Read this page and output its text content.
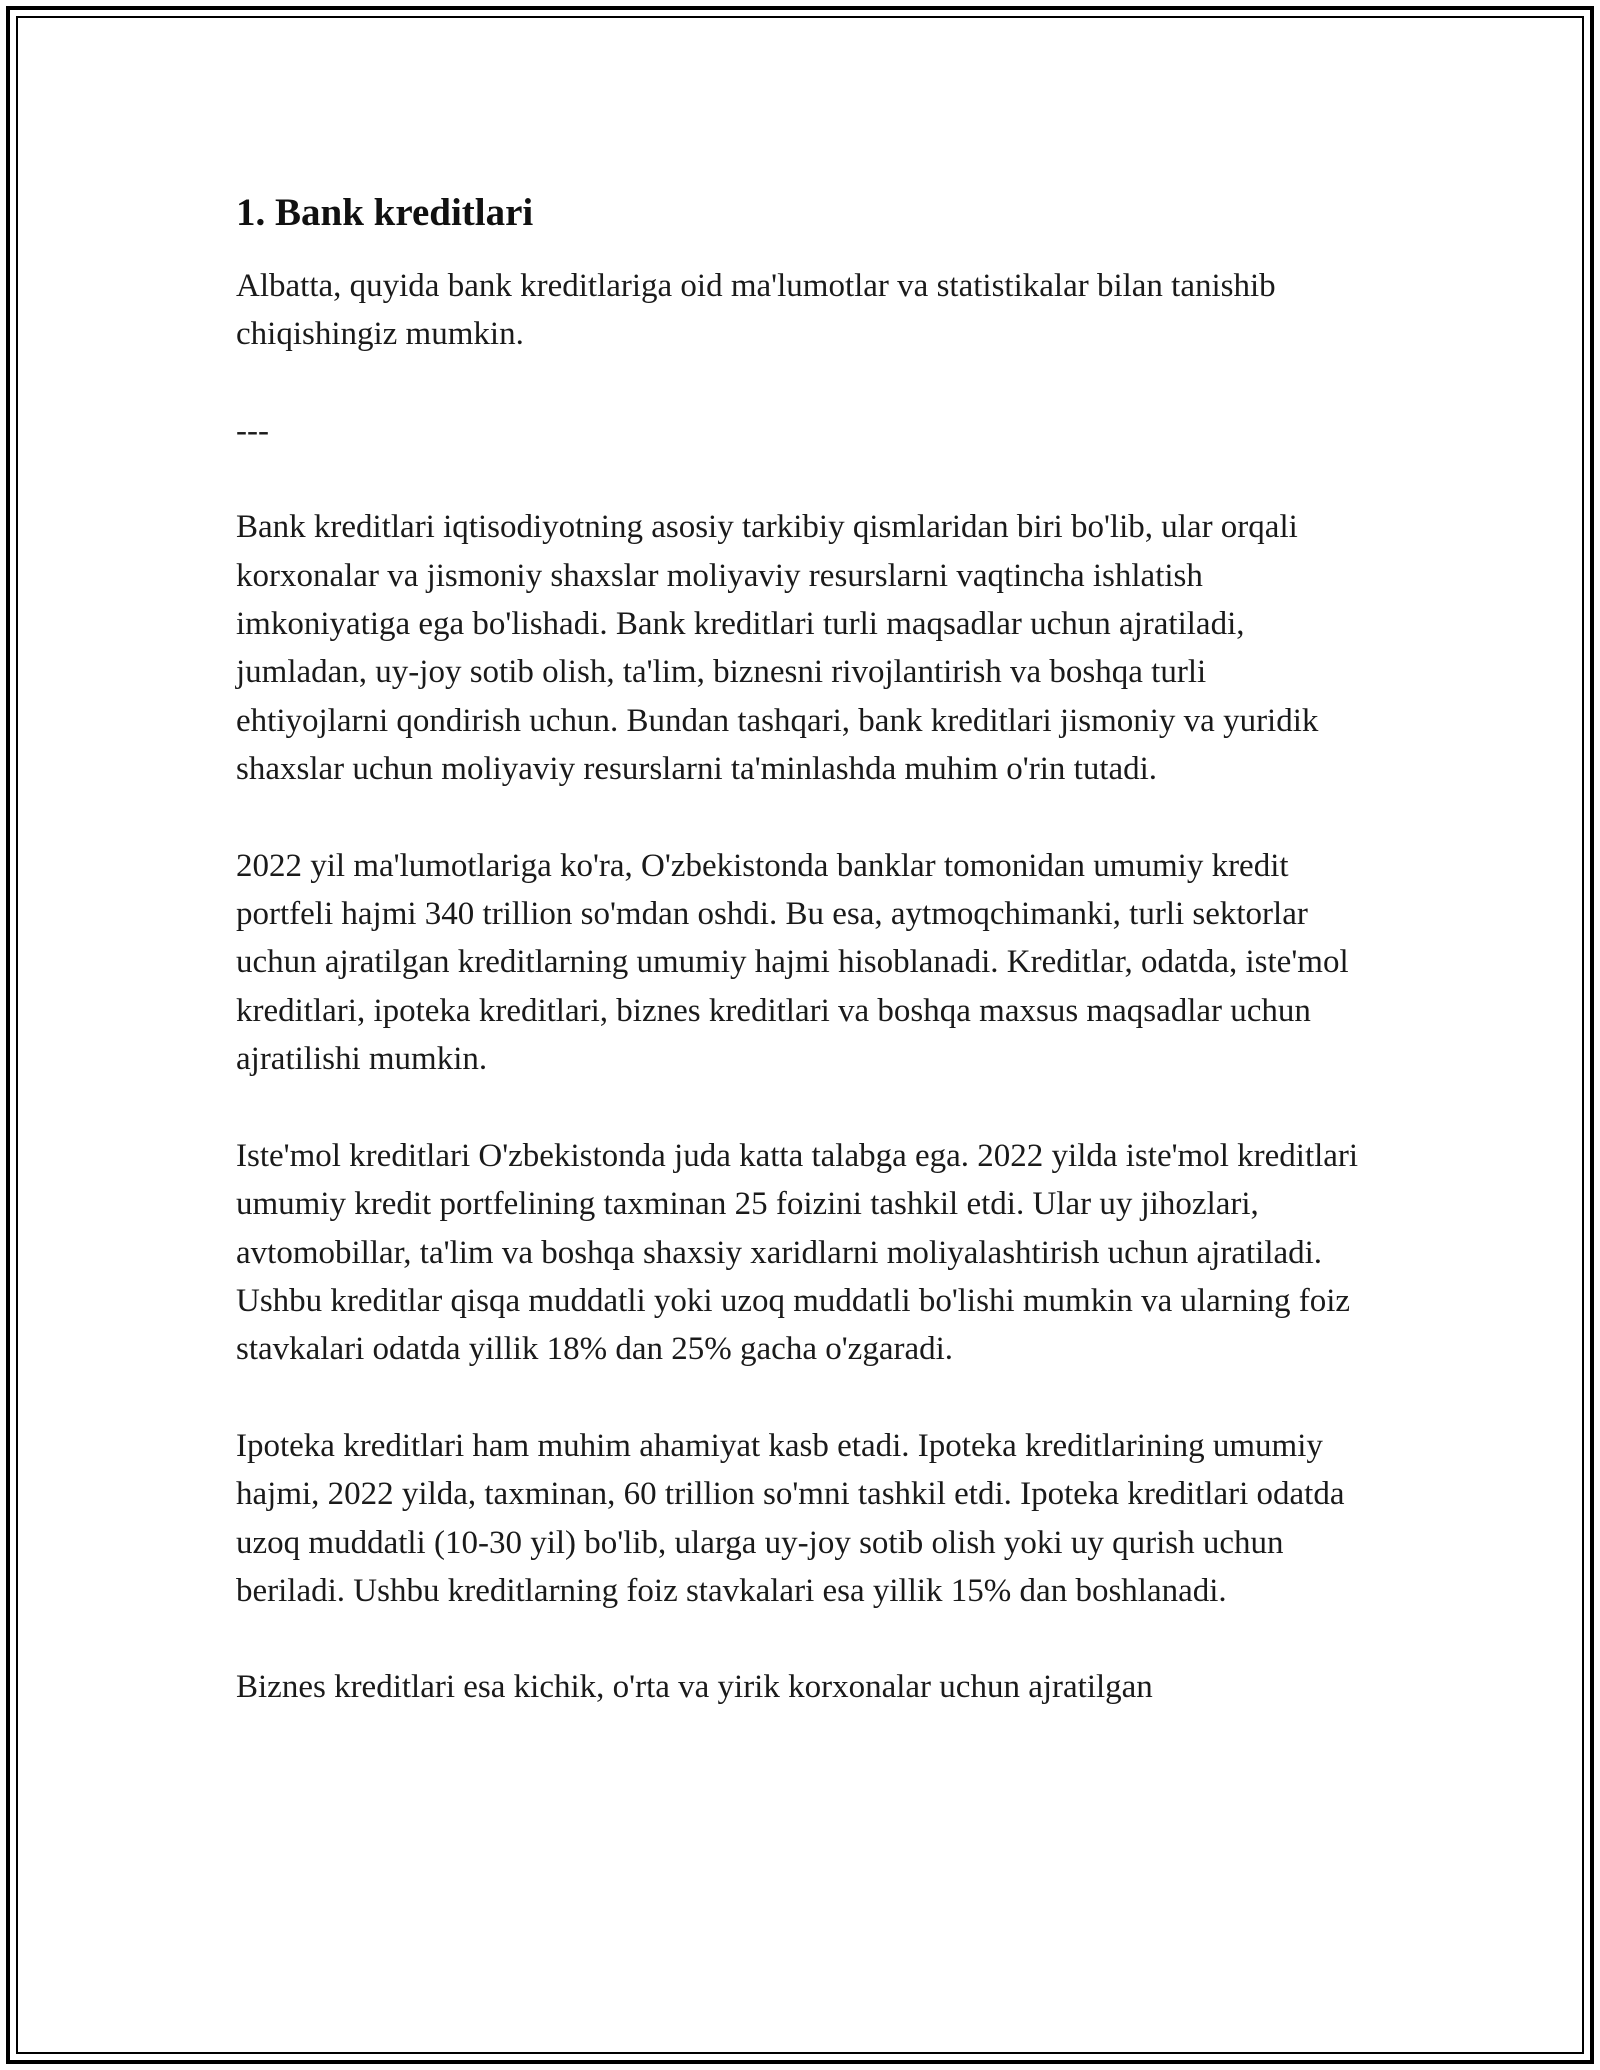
1. Bank kreditlari

Albatta, quyida bank kreditlariga oid ma'lumotlar va statistikalar bilan tanishib chiqishingiz mumkin.

---

Bank kreditlari iqtisodiyotning asosiy tarkibiy qismlaridan biri bo'lib, ular orqali korxonalar va jismoniy shaxslar moliyaviy resurslarni vaqtincha ishlatish imkoniyatiga ega bo'lishadi. Bank kreditlari turli maqsadlar uchun ajratiladi, jumladan, uy-joy sotib olish, ta'lim, biznesni rivojlantirish va boshqa turli ehtiyojlarni qondirish uchun. Bundan tashqari, bank kreditlari jismoniy va yuridik shaxslar uchun moliyaviy resurslarni ta'minlashda muhim o'rin tutadi.

2022 yil ma'lumotlariga ko'ra, O'zbekistonda banklar tomonidan umumiy kredit portfeli hajmi 340 trillion so'mdan oshdi. Bu esa, aytmoqchimanki, turli sektorlar uchun ajratilgan kreditlarning umumiy hajmi hisoblanadi. Kreditlar, odatda, iste'mol kreditlari, ipoteka kreditlari, biznes kreditlari va boshqa maxsus maqsadlar uchun ajratilishi mumkin.

Iste'mol kreditlari O'zbekistonda juda katta talabga ega. 2022 yilda iste'mol kreditlari umumiy kredit portfelining taxminan 25 foizini tashkil etdi. Ular uy jihozlari, avtomobillar, ta'lim va boshqa shaxsiy xaridlarni moliyalashtirish uchun ajratiladi. Ushbu kreditlar qisqa muddatli yoki uzoq muddatli bo'lishi mumkin va ularning foiz stavkalari odatda yillik 18% dan 25% gacha o'zgaradi.

Ipoteka kreditlari ham muhim ahamiyat kasb etadi. Ipoteka kreditlarining umumiy hajmi, 2022 yilda, taxminan, 60 trillion so'mni tashkil etdi. Ipoteka kreditlari odatda uzoq muddatli (10-30 yil) bo'lib, ularga uy-joy sotib olish yoki uy qurish uchun beriladi. Ushbu kreditlarning foiz stavkalari esa yillik 15% dan boshlanadi.

Biznes kreditlari esa kichik, o'rta va yirik korxonalar uchun ajratilgan
